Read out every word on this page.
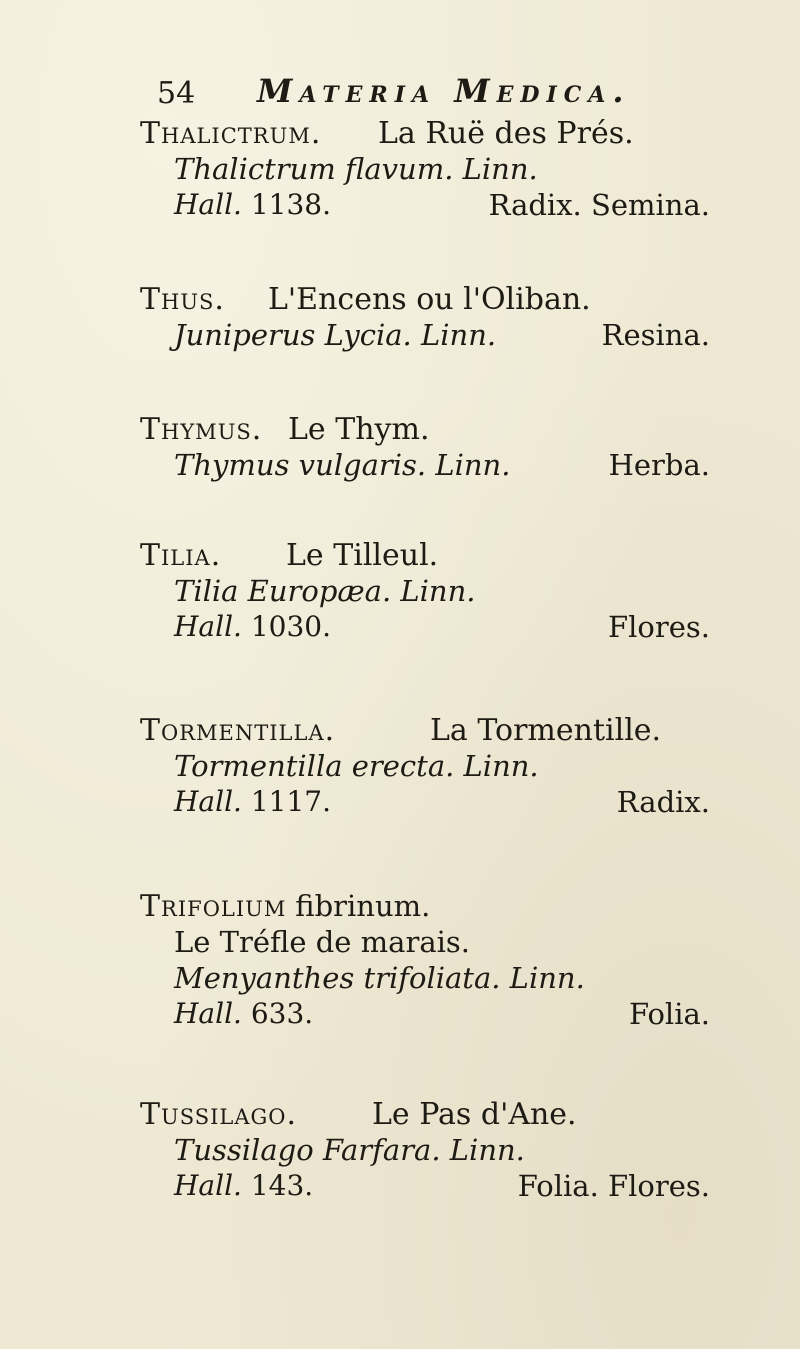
54 Materia Medica.
Thalictrum. La Ruë des Prés.
Thalictrum flavum. Linn.
Hall. 1138.	Radix. Semina.
Thus. L'Encens ou l'Oliban.
Juniperus Lycia. Linn.	Resina.
Thymus. Le Thym.
Thymus vulgaris. Linn.	Herba.
Tilia. Le Tilleul.
Tilia Europæa. Linn.
Hall. 1030.	Flores.
Tormentilla.	La Tormentille.
Tormentilla erecta. Linn.
Hall. 1117.	Radix.
Trifolium fibrinum.
Le Tréfle de marais.
Menyanthes trifoliata. Linn.
Hall. 633.	Folia.
Tussilago. Le Pas d'Ane.
Tussilago Farfara. Linn.
Hall. 143.	Folia. Flores.
